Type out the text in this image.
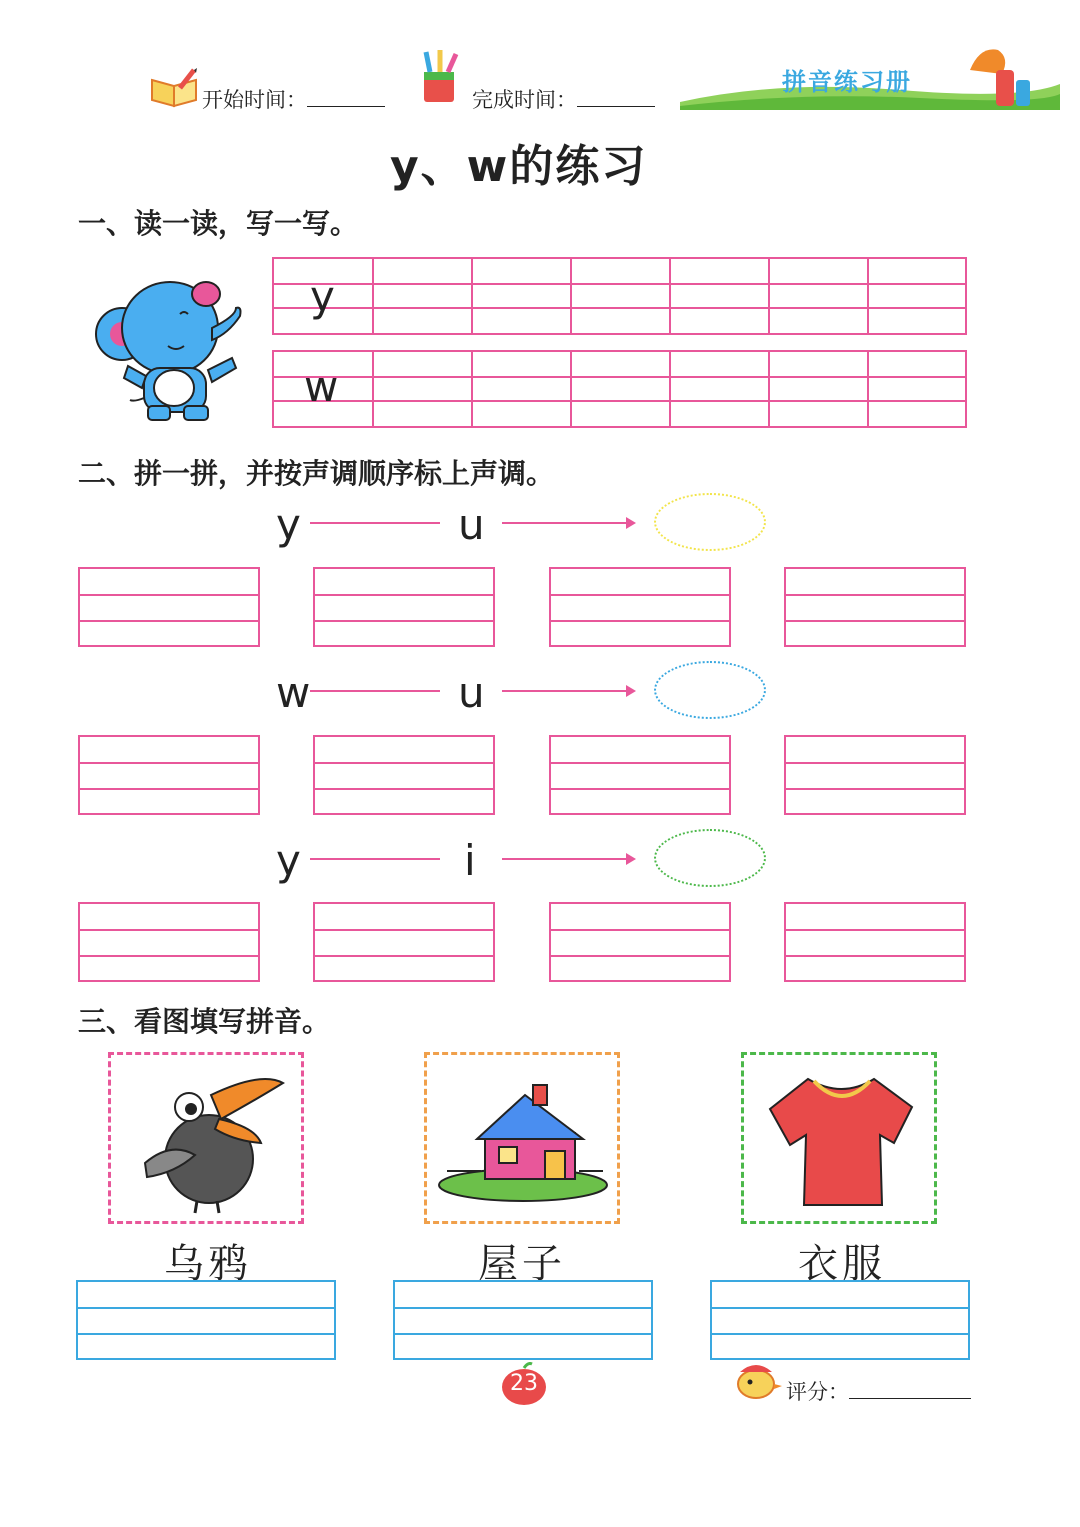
开始时间：	完成时间：
拼音练习册
y、w的练习
一、读一读，写一写。
y
w
二、拼一拼，并按声调顺序标上声调。
y	u
w	u
y	i
三、看图填写拼音。
乌鸦	屋子	衣服
23	评分：
